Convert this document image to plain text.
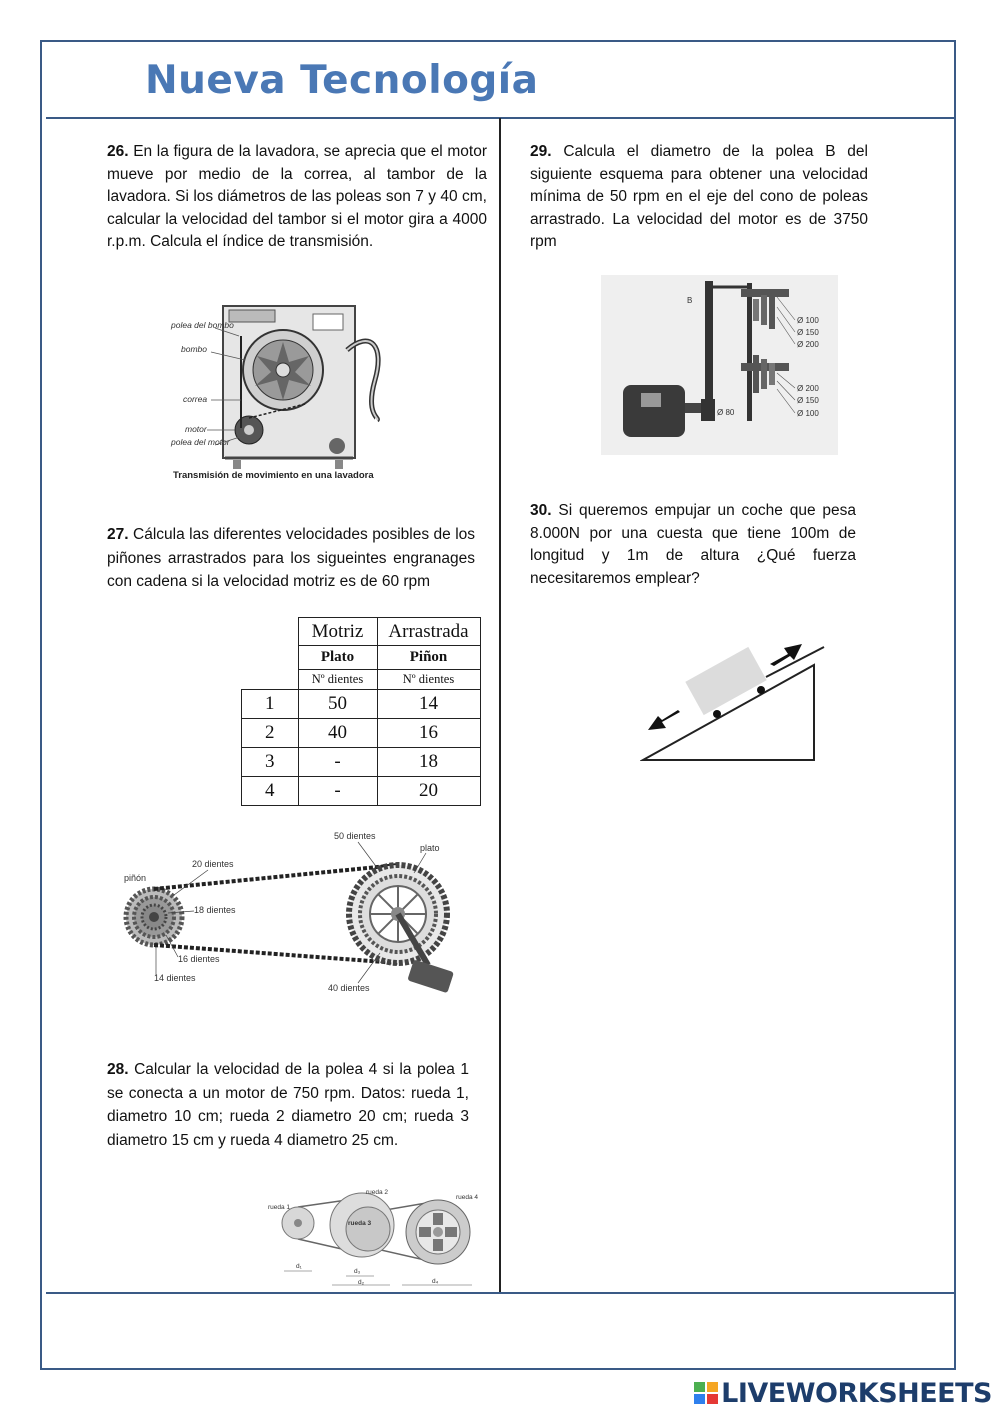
Nueva Tecnología
26. En la figura de la lavadora, se aprecia que el motor mueve por medio de la correa, al tambor de la lavadora. Si los diámetros de las poleas son 7 y 40 cm, calcular la velocidad del tambor si el motor gira a 4000 r.p.m. Calcula el índice de transmisión.
polea del bombo
bombo
correa
motor
polea del motor
Transmisión de movimiento en una lavadora
27. Cálcula las diferentes velocidades posibles de los piñones arrastrados para los sigueintes engranages con cadena si la velocidad motriz es de 60 rpm
	Motriz	Arrastrada
	Plato	Piñon
	Nº dientes	Nº dientes
1	50	14
2	40	16
3	-	18
4	-	20
50 dientes
plato
20 dientes
piñón
18 dientes
16 dientes
14 dientes
40 dientes
28. Calcular la velocidad de la polea 4 si la polea 1 se conecta a un motor de 750 rpm. Datos: rueda 1, diametro 10 cm; rueda 2 diametro 20 cm; rueda 3 diametro 15 cm y rueda 4 diametro 25 cm.
rueda 1
rueda 2
rueda 3
rueda 4
d₁
d₃
d₂	d₄
29. Calcula el diametro de la polea B del siguiente esquema para obtener una velocidad mínima de 50 rpm en el eje del cono de poleas arrastrado. La velocidad del motor es de 3750 rpm
B
Ø 100
Ø 150
Ø 200
Ø 200
Ø 150
Ø 100
Ø 80
30. Si queremos empujar un coche que pesa 8.000N por una cuesta que tiene 100m de longitud y 1m de altura ¿Qué fuerza necesitaremos emplear?
LIVEWORKSHEETS
